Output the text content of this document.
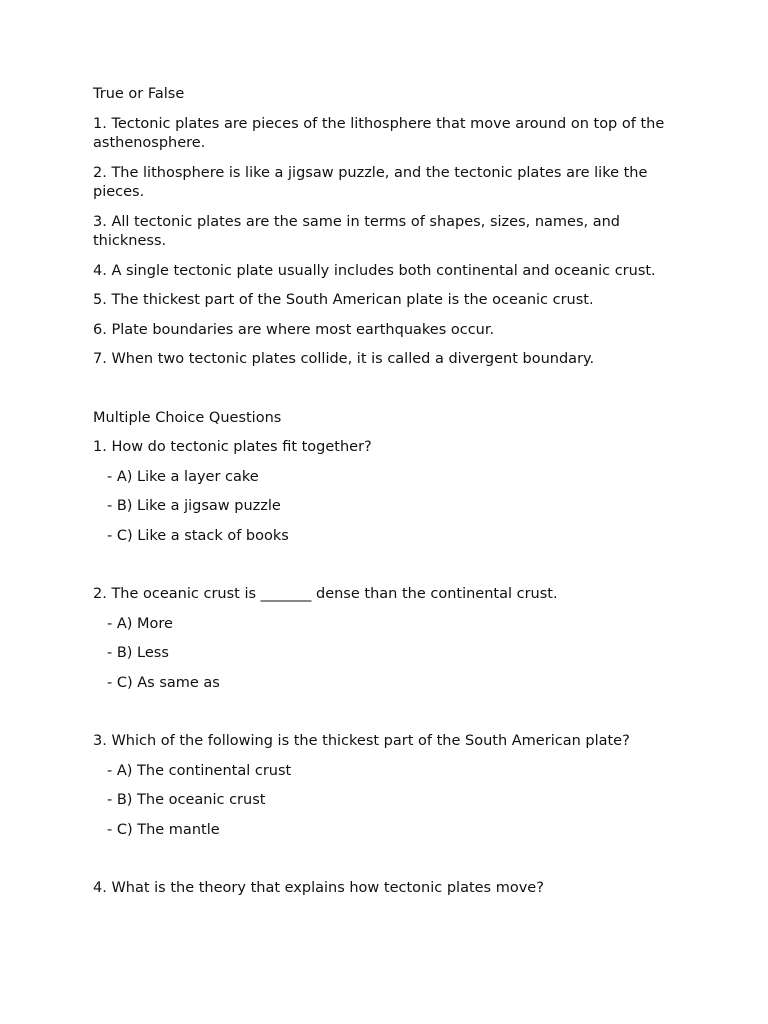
True or False

1. Tectonic plates are pieces of the lithosphere that move around on top of the asthenosphere.

2. The lithosphere is like a jigsaw puzzle, and the tectonic plates are like the pieces.

3. All tectonic plates are the same in terms of shapes, sizes, names, and thickness.

4. A single tectonic plate usually includes both continental and oceanic crust.

5. The thickest part of the South American plate is the oceanic crust.

6. Plate boundaries are where most earthquakes occur.

7. When two tectonic plates collide, it is called a divergent boundary.

Multiple Choice Questions

1. How do tectonic plates fit together?

- A) Like a layer cake

- B) Like a jigsaw puzzle

- C) Like a stack of books

2. The oceanic crust is _______ dense than the continental crust.

- A) More

- B) Less

- C) As same as

3. Which of the following is the thickest part of the South American plate?

- A) The continental crust

- B) The oceanic crust

- C) The mantle

4. What is the theory that explains how tectonic plates move?
